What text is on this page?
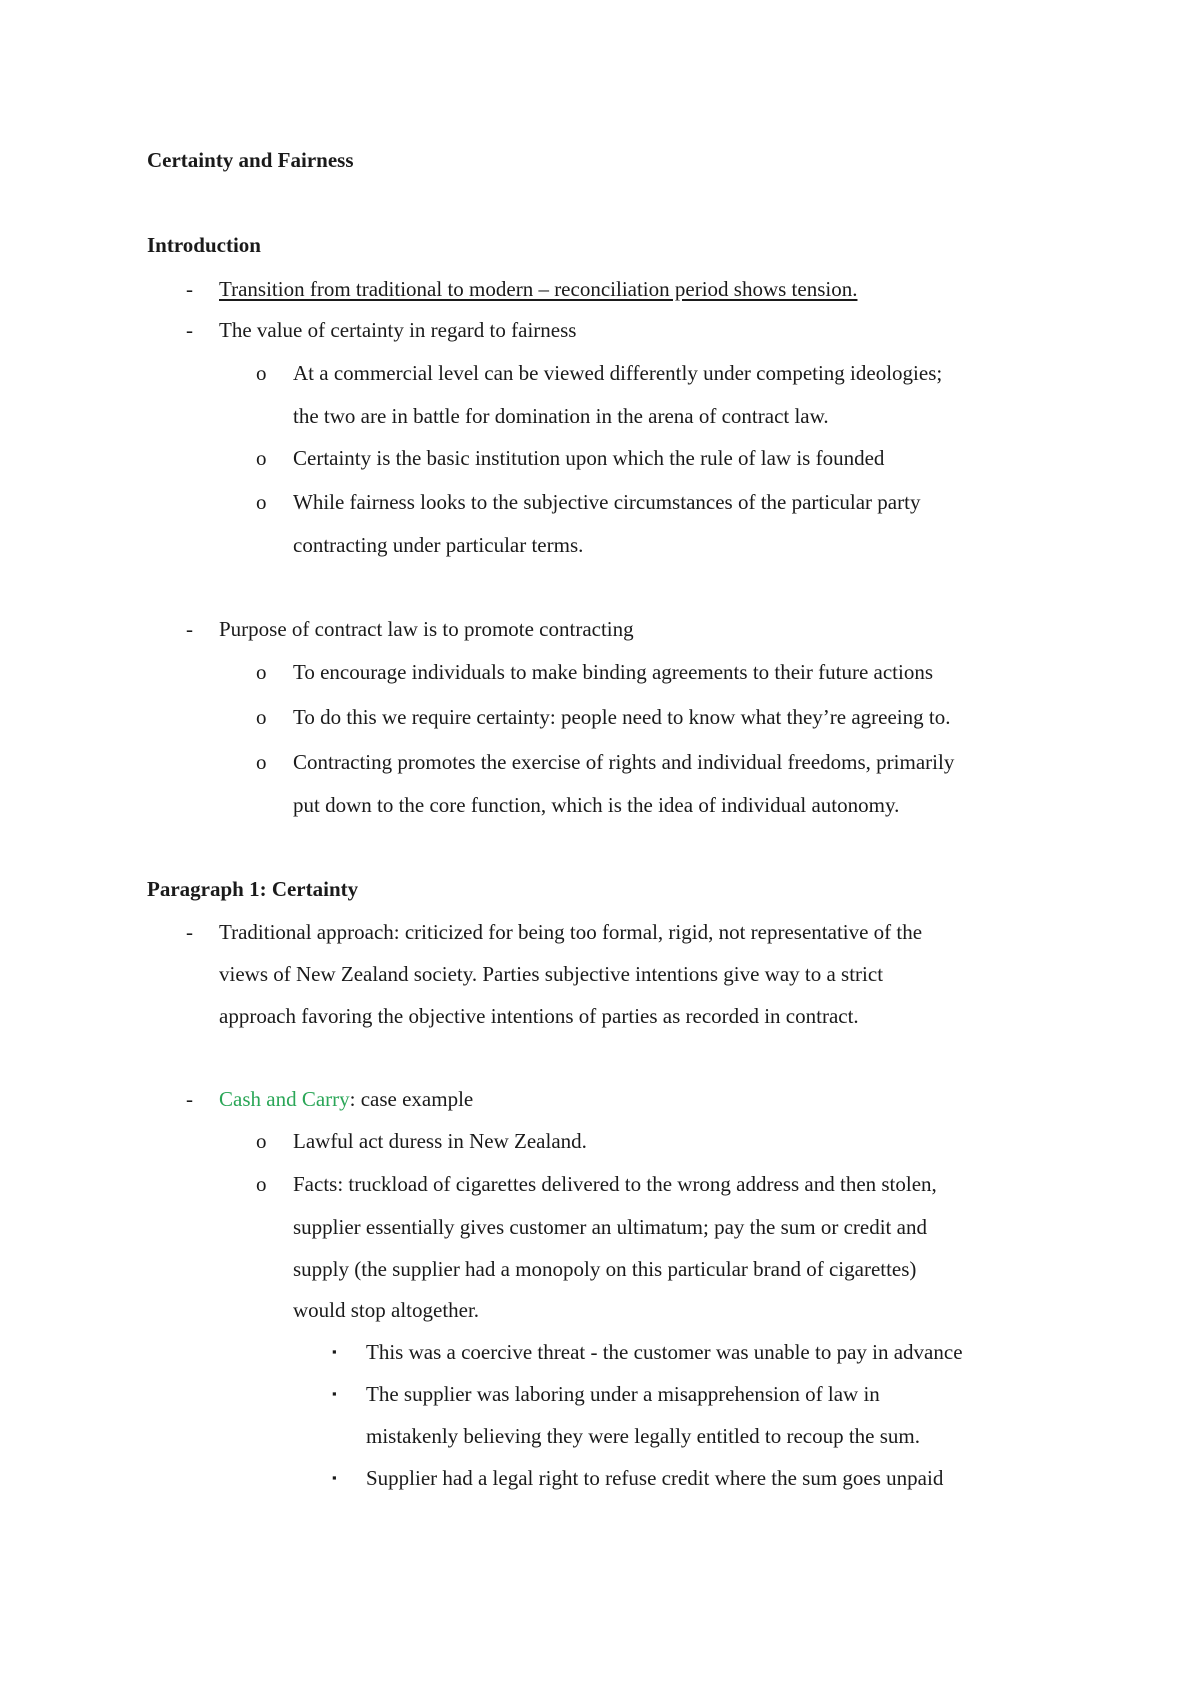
Certainty and Fairness
Introduction
- Transition from traditional to modern – reconciliation period shows tension.
- The value of certainty in regard to fairness
o At a commercial level can be viewed differently under competing ideologies;
the two are in battle for domination in the arena of contract law.
o Certainty is the basic institution upon which the rule of law is founded
o While fairness looks to the subjective circumstances of the particular party
contracting under particular terms.
- Purpose of contract law is to promote contracting
o To encourage individuals to make binding agreements to their future actions
o To do this we require certainty: people need to know what they’re agreeing to.
o Contracting promotes the exercise of rights and individual freedoms, primarily
put down to the core function, which is the idea of individual autonomy.
Paragraph 1: Certainty
- Traditional approach: criticized for being too formal, rigid, not representative of the
views of New Zealand society. Parties subjective intentions give way to a strict
approach favoring the objective intentions of parties as recorded in contract.
- Cash and Carry: case example
o Lawful act duress in New Zealand.
o Facts: truckload of cigarettes delivered to the wrong address and then stolen,
supplier essentially gives customer an ultimatum; pay the sum or credit and
supply (the supplier had a monopoly on this particular brand of cigarettes)
would stop altogether.
▪ This was a coercive threat - the customer was unable to pay in advance
▪ The supplier was laboring under a misapprehension of law in
mistakenly believing they were legally entitled to recoup the sum.
▪ Supplier had a legal right to refuse credit where the sum goes unpaid
